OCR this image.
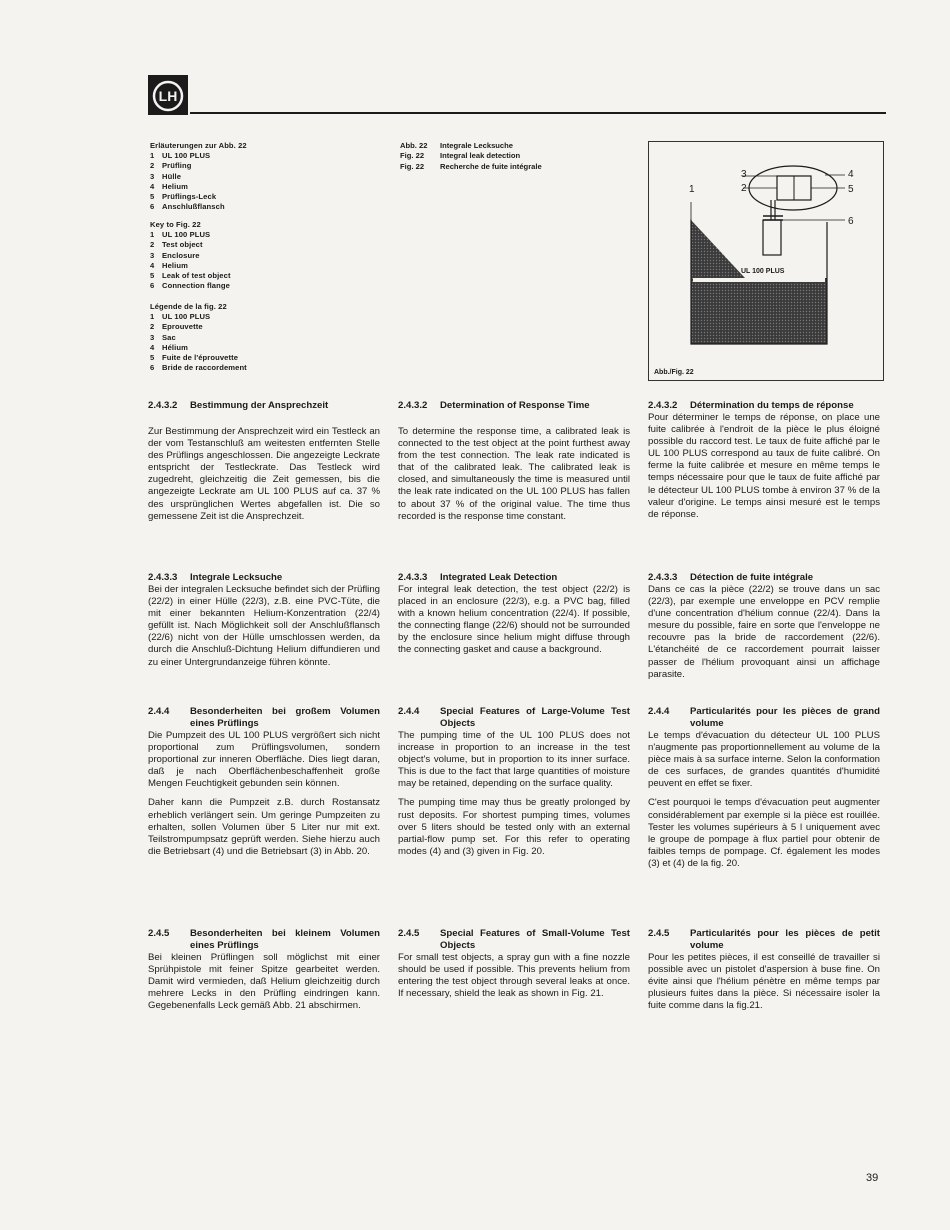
LH
Erläuterungen zur Abb. 22
1 UL 100 PLUS
2 Prüfling
3 Hülle
4 Helium
5 Prüflings-Leck
6 Anschlußflansch
Key to Fig. 22
1 UL 100 PLUS
2 Test object
3 Enclosure
4 Helium
5 Leak of test object
6 Connection flange
Légende de la fig. 22
1 UL 100 PLUS
2 Eprouvette
3 Sac
4 Hélium
5 Fuite de l'éprouvette
6 Bride de raccordement
Abb. 22 Integrale Lecksuche
Fig. 22 Integral leak detection
Fig. 22 Recherche de fuite intégrale
UL 100 PLUS
1	2
3	4
5
6
Abb./Fig. 22
2.4.3.2 Bestimmung der Ansprechzeit

Zur Bestimmung der Ansprechzeit wird ein Testleck an der vom Testanschluß am weitesten entfernten Stelle des Prüflings angeschlossen. Die angezeigte Leckrate entspricht der Testleckrate. Das Testleck wird zugedreht, gleichzeitig die Zeit gemessen, bis die angezeigte Leckrate am UL 100 PLUS auf ca. 37 % des ursprünglichen Wertes abgefallen ist. Die so gemessene Zeit ist die Ansprechzeit.

2.4.3.3 Integrale Lecksuche

Bei der integralen Lecksuche befindet sich der Prüfling (22/2) in einer Hülle (22/3), z.B. eine PVC-Tüte, die mit einer bekannten Helium-Konzentration (22/4) gefüllt ist. Nach Möglichkeit soll der Anschlußflansch (22/6) nicht von der Hülle umschlossen werden, da durch die Anschluß-Dichtung Helium diffundieren und zu einer Untergrundanzeige führen könnte.

2.4.4 Besonderheiten bei großem Volumen eines Prüflings

Die Pumpzeit des UL 100 PLUS vergrößert sich nicht proportional zum Prüflingsvolumen, sondern proportional zur inneren Oberfläche. Dies liegt daran, daß je nach Oberflächenbeschaffenheit große Mengen Feuchtigkeit gebunden sein können.

Daher kann die Pumpzeit z.B. durch Rostansatz erheblich verlängert sein. Um geringe Pumpzeiten zu erhalten, sollen Volumen über 5 Liter nur mit ext. Teilstrompumpsatz geprüft werden. Siehe hierzu auch die Betriebsart (4) und die Betriebsart (3) in Abb. 20.

2.4.5 Besonderheiten bei kleinem Volumen eines Prüflings

Bei kleinen Prüflingen soll möglichst mit einer Sprühpistole mit feiner Spitze gearbeitet werden. Damit wird vermieden, daß Helium gleichzeitig durch mehrere Lecks in den Prüfling eindringen kann. Gegebenenfalls Leck gemäß Abb. 21 abschirmen.

2.4.3.2 Determination of Response Time

To determine the response time, a calibrated leak is connected to the test object at the point furthest away from the test connection. The leak rate indicated is that of the calibrated leak. The calibrated leak is closed, and simultaneously the time is measured until the leak rate indicated on the UL 100 PLUS has fallen to about 37 % of the original value. The time thus recorded is the response time constant.

2.4.3.3 Integrated Leak Detection

For integral leak detection, the test object (22/2) is placed in an enclosure (22/3), e.g. a PVC bag, filled with a known helium concentration (22/4). If possible, the connecting flange (22/6) should not be surrounded by the enclosure since helium might diffuse through the connecting gasket and cause a background.

2.4.4 Special Features of Large-Volume Test Objects

The pumping time of the UL 100 PLUS does not increase in proportion to an increase in the test object's volume, but in proportion to its inner surface. This is due to the fact that large quantities of moisture may be retained, depending on the surface quality.

The pumping time may thus be greatly prolonged by rust deposits. For shortest pumping times, volumes over 5 liters should be tested only with an external partial-flow pump set. For this refer to operating modes (4) and (3) given in Fig. 20.

2.4.5 Special Features of Small-Volume Test Objects

For small test objects, a spray gun with a fine nozzle should be used if possible. This prevents helium from entering the test object through several leaks at once. If necessary, shield the leak as shown in Fig. 21.

2.4.3.2 Détermination du temps de réponse

Pour déterminer le temps de réponse, on place une fuite calibrée à l'endroit de la pièce le plus éloigné possible du raccord test. Le taux de fuite affiché par le UL 100 PLUS correspond au taux de fuite calibré. On ferme la fuite calibrée et mesure en même temps le temps nécessaire pour que le taux de fuite affiché par le détecteur UL 100 PLUS tombe à environ 37 % de la valeur d'origine. Le temps ainsi mesuré est le temps de réponse.

2.4.3.3 Détection de fuite intégrale

Dans ce cas la pièce (22/2) se trouve dans un sac (22/3), par exemple une enveloppe en PCV remplie d'une concentration d'hélium connue (22/4). Dans la mesure du possible, faire en sorte que l'enveloppe ne recouvre pas la bride de raccordement (22/6). L'étanchéité de ce raccordement pourrait laisser passer de l'hélium provoquant ainsi un affichage parasite.

2.4.4 Particularités pour les pièces de grand volume

Le temps d'évacuation du détecteur UL 100 PLUS n'augmente pas proportionnellement au volume de la pièce mais à sa surface interne. Selon la conformation de ces surfaces, de grandes quantités d'humidité peuvent en effet se fixer.

C'est pourquoi le temps d'évacuation peut augmenter considérablement par exemple si la pièce est rouillée. Tester les volumes supérieurs à 5 l uniquement avec le groupe de pompage à flux partiel pour obtenir de faibles temps de pompage. Cf. également les modes (3) et (4) de la fig. 20.

2.4.5 Particularités pour les pièces de petit volume

Pour les petites pièces, il est conseillé de travailler si possible avec un pistolet d'aspersion à buse fine. On évite ainsi que l'hélium pénètre en même temps par plusieurs fuites dans la pièce. Si nécessaire isoler la fuite comme dans la fig.21.

39
